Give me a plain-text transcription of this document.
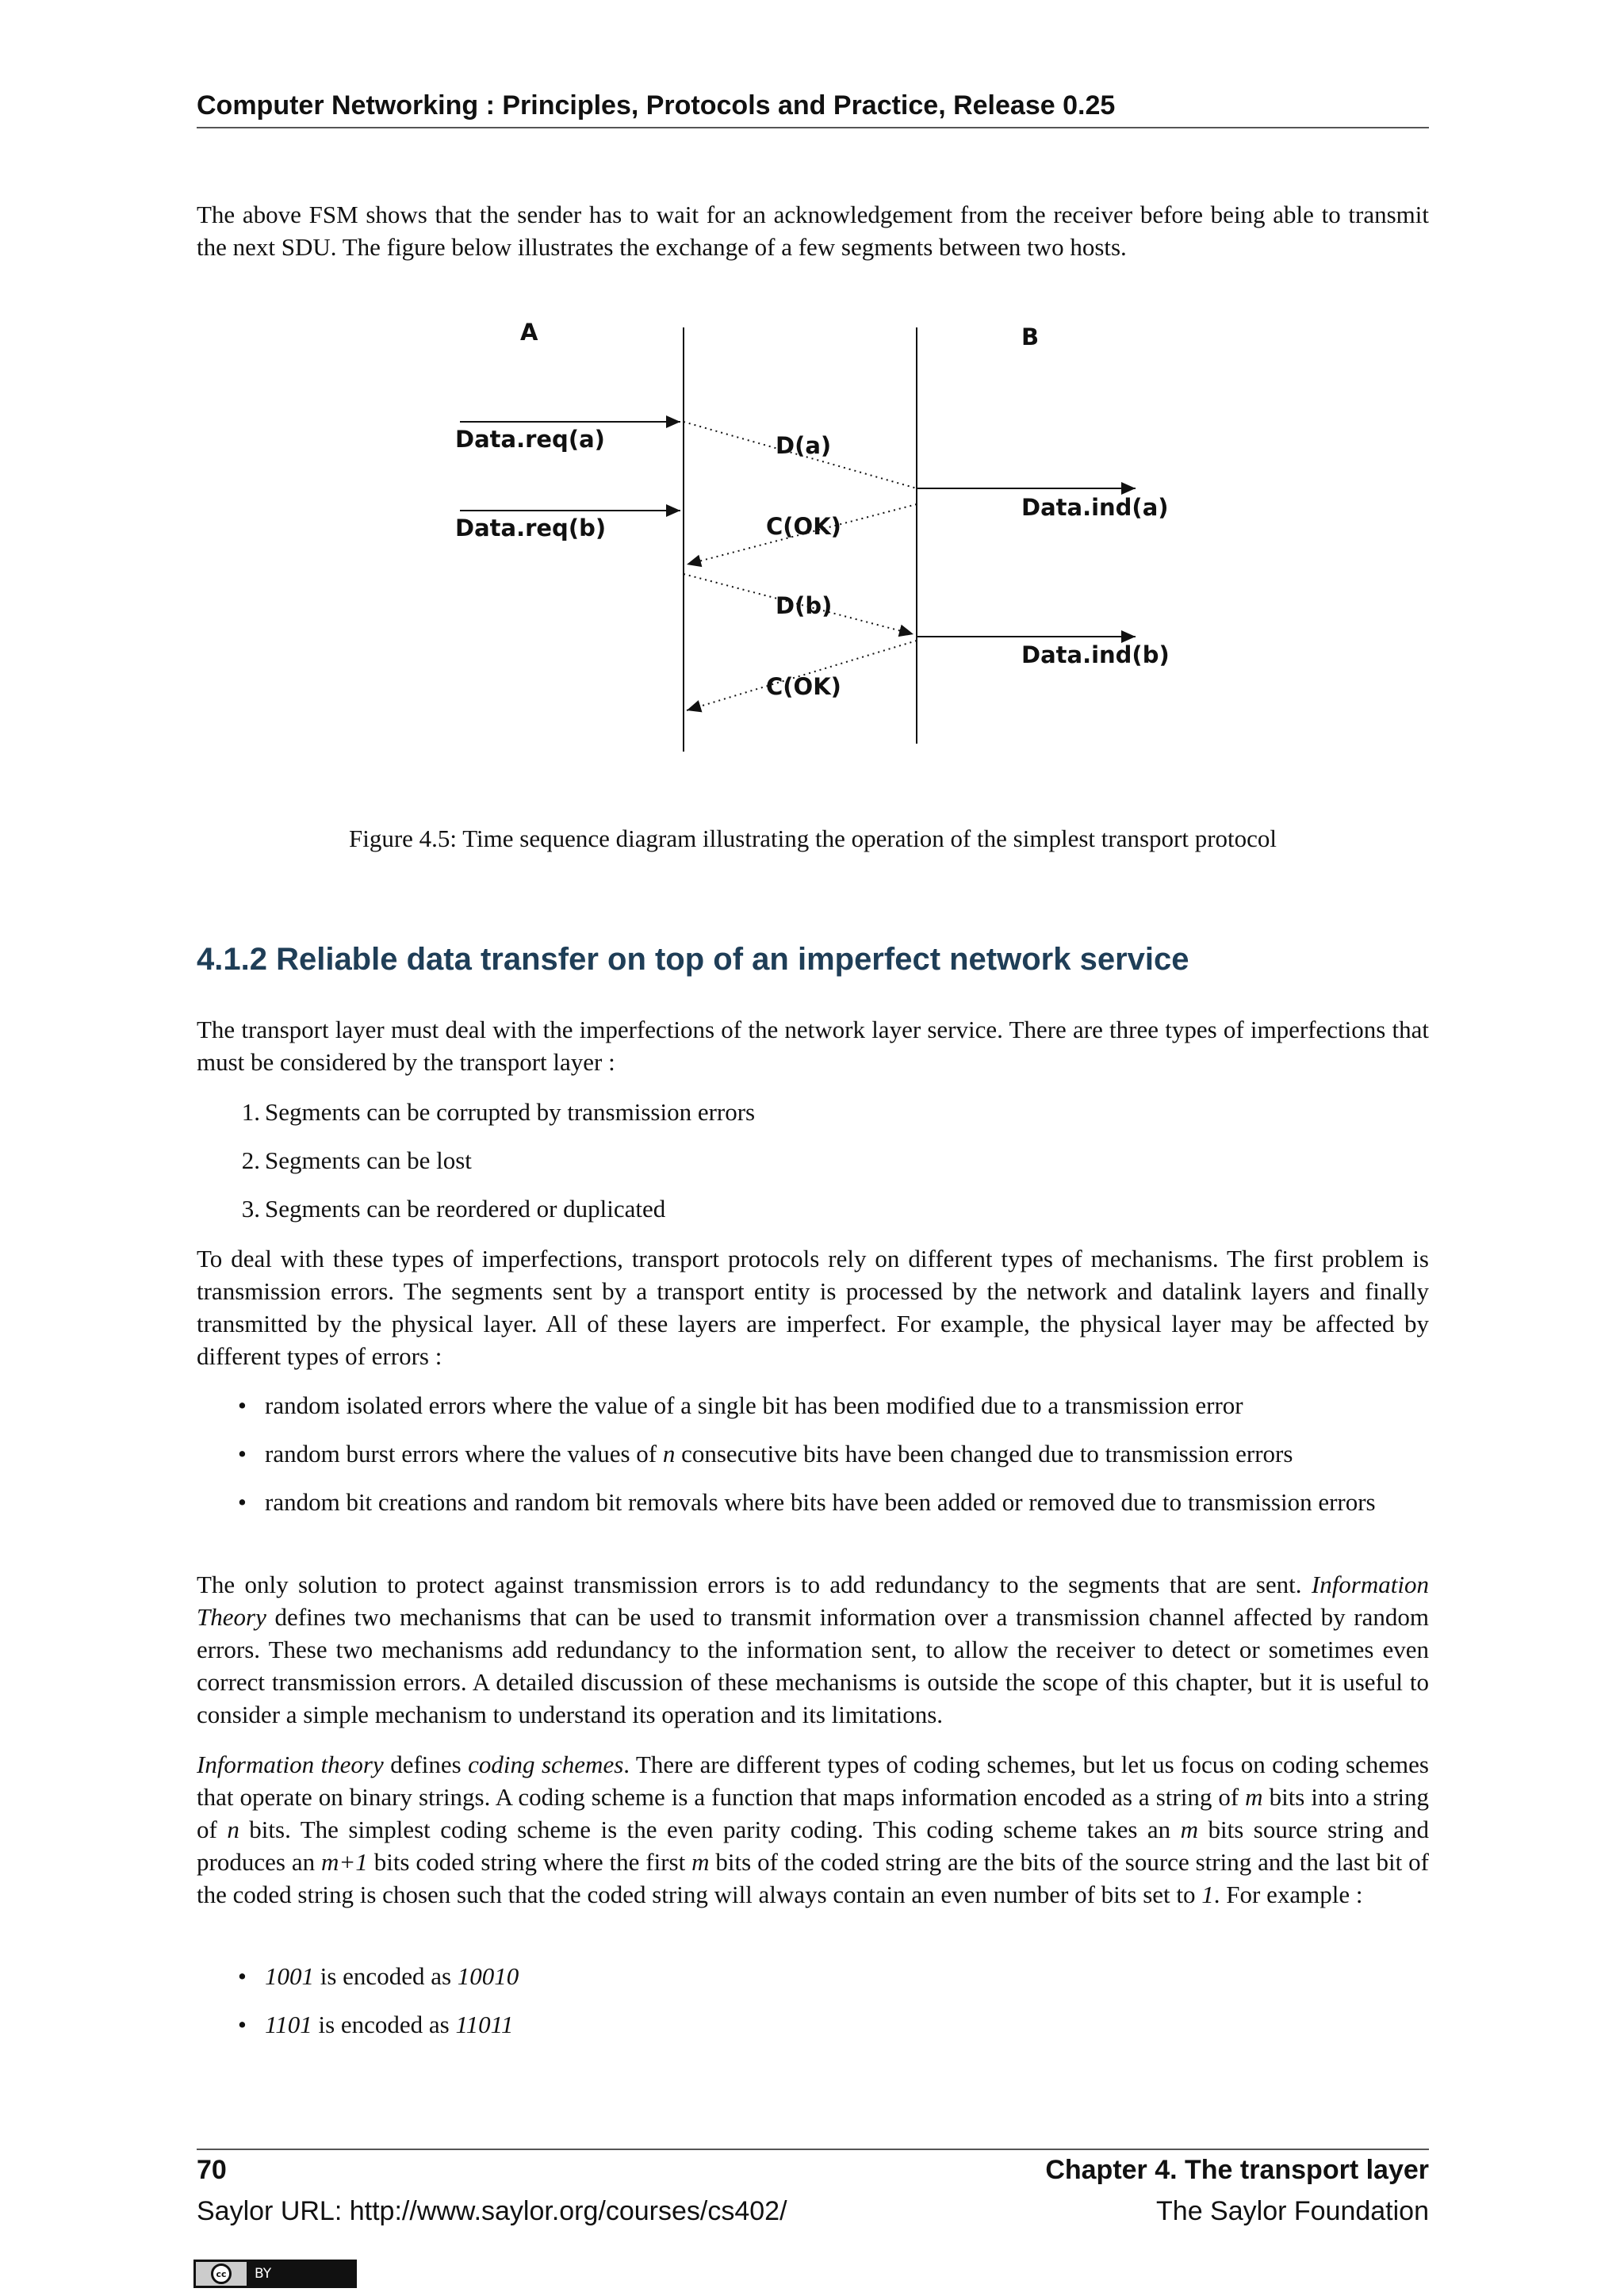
Computer Networking : Principles, Protocols and Practice, Release 0.25

The above FSM shows that the sender has to wait for an acknowledgement from the receiver before being able to transmit the next SDU. The figure below illustrates the exchange of a few segments between two hosts.

A	B
Data.req(a)
Data.req(b)
D(a)
C(OK)
D(b)
C(OK)
Data.ind(a)
Data.ind(b)
Figure 4.5: Time sequence diagram illustrating the operation of the simplest transport protocol
4.1.2 Reliable data transfer on top of an imperfect network service

The transport layer must deal with the imperfections of the network layer service. There are three types of imperfections that must be considered by the transport layer :

1. Segments can be corrupted by transmission errors
2. Segments can be lost
3. Segments can be reordered or duplicated

To deal with these types of imperfections, transport protocols rely on different types of mechanisms. The first problem is transmission errors. The segments sent by a transport entity is processed by the network and datalink layers and finally transmitted by the physical layer. All of these layers are imperfect. For example, the physical layer may be affected by different types of errors :

• random isolated errors where the value of a single bit has been modified due to a transmission error
• random burst errors where the values of n consecutive bits have been changed due to transmission errors
• random bit creations and random bit removals where bits have been added or removed due to transmission errors

The only solution to protect against transmission errors is to add redundancy to the segments that are sent. Information Theory defines two mechanisms that can be used to transmit information over a transmission channel affected by random errors. These two mechanisms add redundancy to the information sent, to allow the receiver to detect or sometimes even correct transmission errors. A detailed discussion of these mechanisms is outside the scope of this chapter, but it is useful to consider a simple mechanism to understand its operation and its limitations.

Information theory defines coding schemes. There are different types of coding schemes, but let us focus on coding schemes that operate on binary strings. A coding scheme is a function that maps information encoded as a string of m bits into a string of n bits. The simplest coding scheme is the even parity coding. This coding scheme takes an m bits source string and produces an m+1 bits coded string where the first m bits of the coded string are the bits of the source string and the last bit of the coded string is chosen such that the coded string will always contain an even number of bits set to 1. For example :

• 1001 is encoded as 10010
• 1101 is encoded as 11011
70	Chapter 4. The transport layer
Saylor URL: http://www.saylor.org/courses/cs402/	The Saylor Foundation
cc	BY
